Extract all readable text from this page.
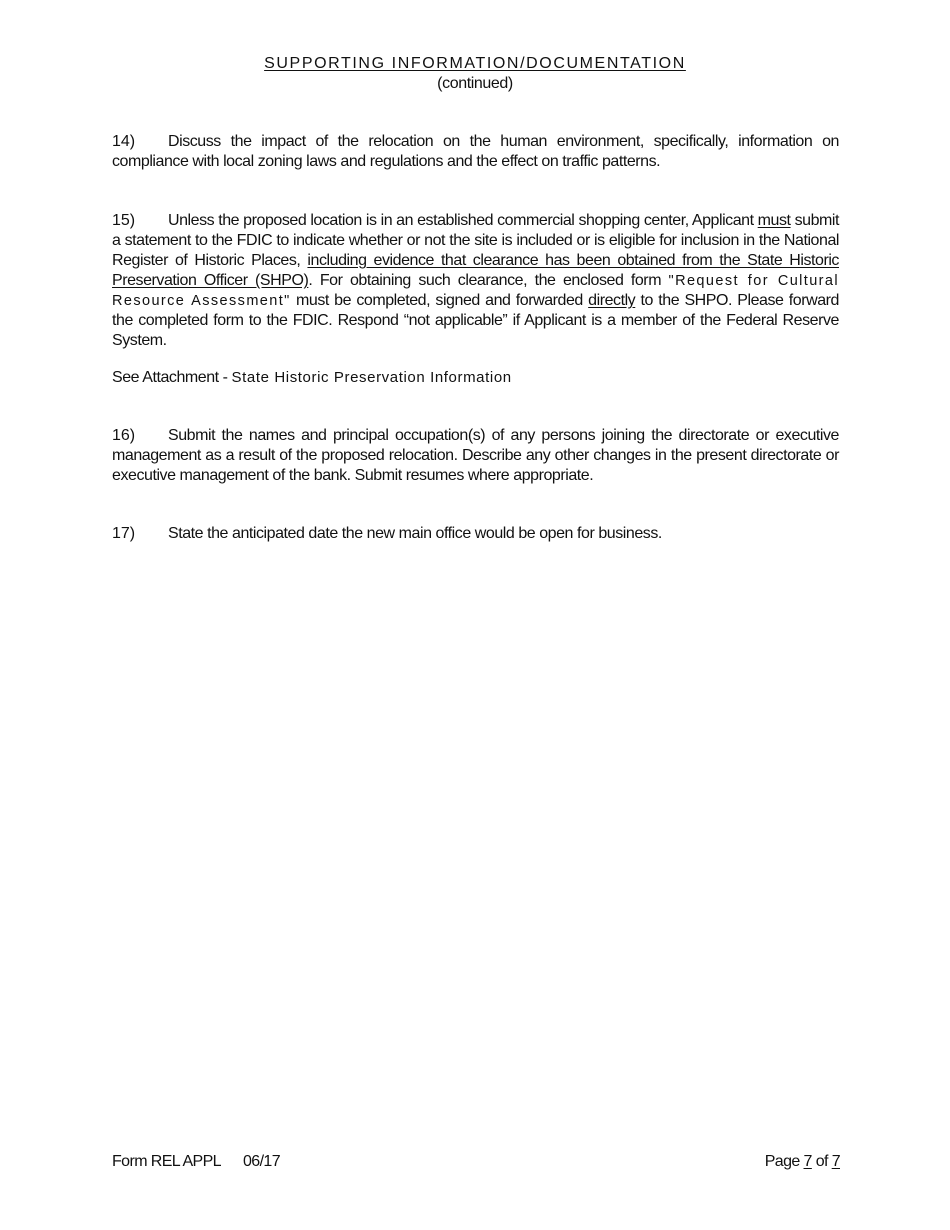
SUPPORTING INFORMATION/DOCUMENTATION
(continued)
14) Discuss the impact of the relocation on the human environment, specifically, information on compliance with local zoning laws and regulations and the effect on traffic patterns.
15) Unless the proposed location is in an established commercial shopping center, Applicant must submit a statement to the FDIC to indicate whether or not the site is included or is eligible for inclusion in the National Register of Historic Places, including evidence that clearance has been obtained from the State Historic Preservation Officer (SHPO). For obtaining such clearance, the enclosed form "Request for Cultural Resource Assessment" must be completed, signed and forwarded directly to the SHPO. Please forward the completed form to the FDIC. Respond “not applicable” if Applicant is a member of the Federal Reserve System.
See Attachment - State Historic Preservation Information
16) Submit the names and principal occupation(s) of any persons joining the directorate or executive management as a result of the proposed relocation. Describe any other changes in the present directorate or executive management of the bank. Submit resumes where appropriate.
17) State the anticipated date the new main office would be open for business.
Form REL APPL 06/17	Page 7 of 7
